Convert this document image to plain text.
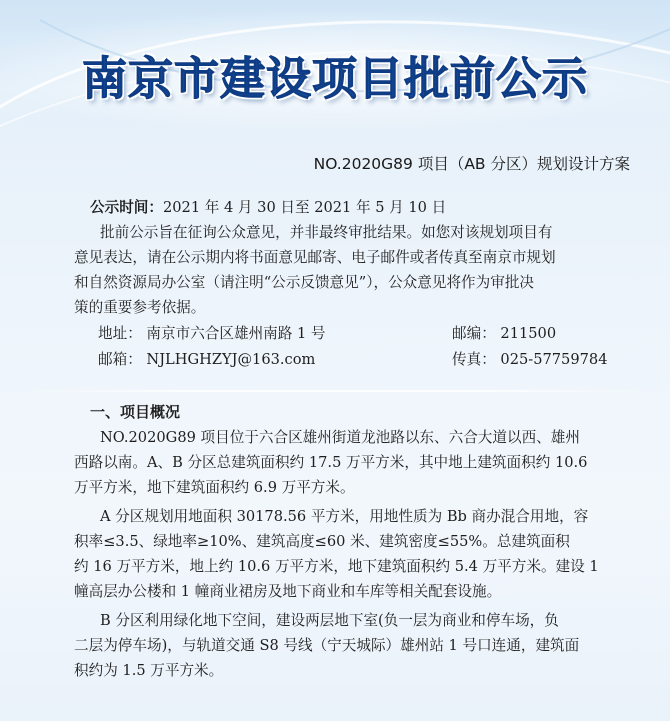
南京市建设项目批前公示
NO.2020G89 项目（AB 分区）规划设计方案
公示时间： 2021 年 4 月 30 日至 2021 年 5 月 10 日
批前公示旨在征询公众意见，并非最终审批结果。如您对该规划项目有
意见表达，请在公示期内将书面意见邮寄、电子邮件或者传真至南京市规划
和自然资源局办公室（请注明“公示反馈意见”），公众意见将作为审批决
策的重要参考依据。
地址： 南京市六合区雄州南路 1 号	邮编： 211500
邮箱： NJLHGHZYJ@163.com	传真： 025-57759784
一、项目概况
NO.2020G89 项目位于六合区雄州街道龙池路以东、六合大道以西、雄州
西路以南。A、B 分区总建筑面积约 17.5 万平方米，其中地上建筑面积约 10.6
万平方米，地下建筑面积约 6.9 万平方米。
A 分区规划用地面积 30178.56 平方米，用地性质为 Bb 商办混合用地，容
积率≤3.5、绿地率≥10%、建筑高度≤60 米、建筑密度≤55%。总建筑面积
约 16 万平方米，地上约 10.6 万平方米，地下建筑面积约 5.4 万平方米。建设 1
幢高层办公楼和 1 幢商业裙房及地下商业和车库等相关配套设施。
B 分区利用绿化地下空间，建设两层地下室(负一层为商业和停车场，负
二层为停车场)，与轨道交通 S8 号线（宁天城际）雄州站 1 号口连通，建筑面
积约为 1.5 万平方米。
